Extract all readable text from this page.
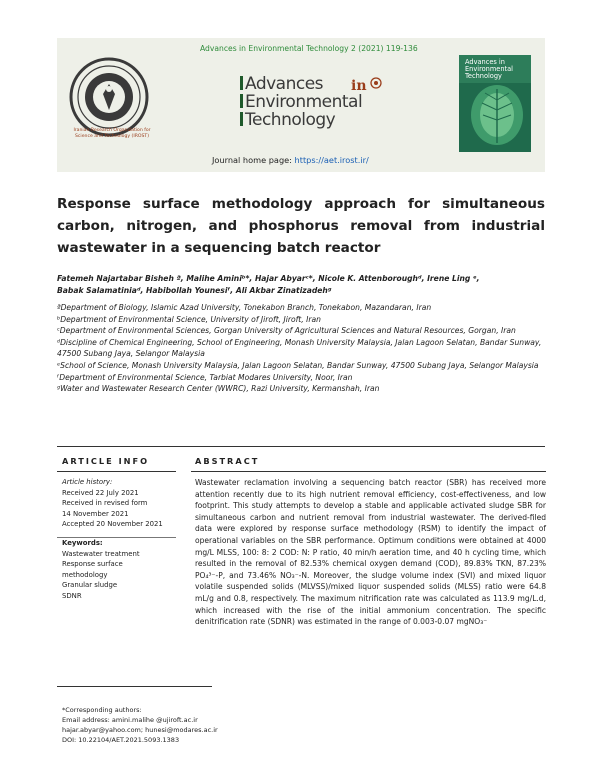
Advances in Environmental Technology 2 (2021) 119-136
Iranian Research Organization for Science and Technology (IROST)
Advances
Environmental
Technology
in
Journal home page: https://aet.irost.ir/
Advances in
Environmental
Technology
Response surface methodology approach for simultaneous carbon, nitrogen, and phosphorus removal from industrial wastewater in a sequencing batch reactor
Fatemeh Najartabar Bisheh ª, Malihe Aminiᵇ*, Hajar Abyarᶜ*, Nicole K. Attenboroughᵈ, Irene Ling ᵉ,
Babak Salamatiniaᵈ, Habibollah Younesiᶠ, Ali Akbar Zinatizadehᵍ
ªDepartment of Biology, Islamic Azad University, Tonekabon Branch, Tonekabon, Mazandaran, Iran
ᵇDepartment of Environmental Science, University of Jiroft, Jiroft, Iran
ᶜDepartment of Environmental Sciences, Gorgan University of Agricultural Sciences and Natural Resources, Gorgan, Iran
ᵈDiscipline of Chemical Engineering, School of Engineering, Monash University Malaysia, Jalan Lagoon Selatan, Bandar Sunway, 47500 Subang Jaya, Selangor Malaysia
ᵉSchool of Science, Monash University Malaysia, Jalan Lagoon Selatan, Bandar Sunway, 47500 Subang Jaya, Selangor Malaysia
ᶠDepartment of Environmental Science, Tarbiat Modares University, Noor, Iran
ᵍWater and Wastewater Research Center (WWRC), Razi University, Kermanshah, Iran
ARTICLE INFO	ABSTRACT
Article history:
Received 22 July 2021
Received in revised form
14 November 2021
Accepted 20 November 2021
Keywords:
Wastewater treatment
Response surface
methodology
Granular sludge
SDNR
Wastewater reclamation involving a sequencing batch reactor (SBR) has received more attention recently due to its high nutrient removal efficiency, cost-effectiveness, and low footprint. This study attempts to develop a stable and applicable activated sludge SBR for simultaneous carbon and nutrient removal from industrial wastewater. The derived-filed data were explored by response surface methodology (RSM) to identify the impact of operational variables on the SBR performance. Optimum conditions were obtained at 4000 mg/L MLSS, 100: 8: 2 COD: N: P ratio, 40 min/h aeration time, and 40 h cycling time, which resulted in the removal of 82.53% chemical oxygen demand (COD), 89.83% TKN, 87.23% PO₄³⁻-P, and 73.46% NO₃⁻-N. Moreover, the sludge volume index (SVI) and mixed liquor volatile suspended solids (MLVSS)/mixed liquor suspended solids (MLSS) ratio were 64.8 mL/g and 0.8, respectively. The maximum nitrification rate was calculated as 113.9 mg/L.d, which increased with the rise of the initial ammonium concentration. The specific denitrification rate (SDNR) was estimated in the range of 0.003-0.07 mgNO₃⁻
*Corresponding authors:
Email address: amini.malihe @ujiroft.ac.ir
hajar.abyar@yahoo.com; hunesi@modares.ac.ir
DOI: 10.22104/AET.2021.5093.1383
